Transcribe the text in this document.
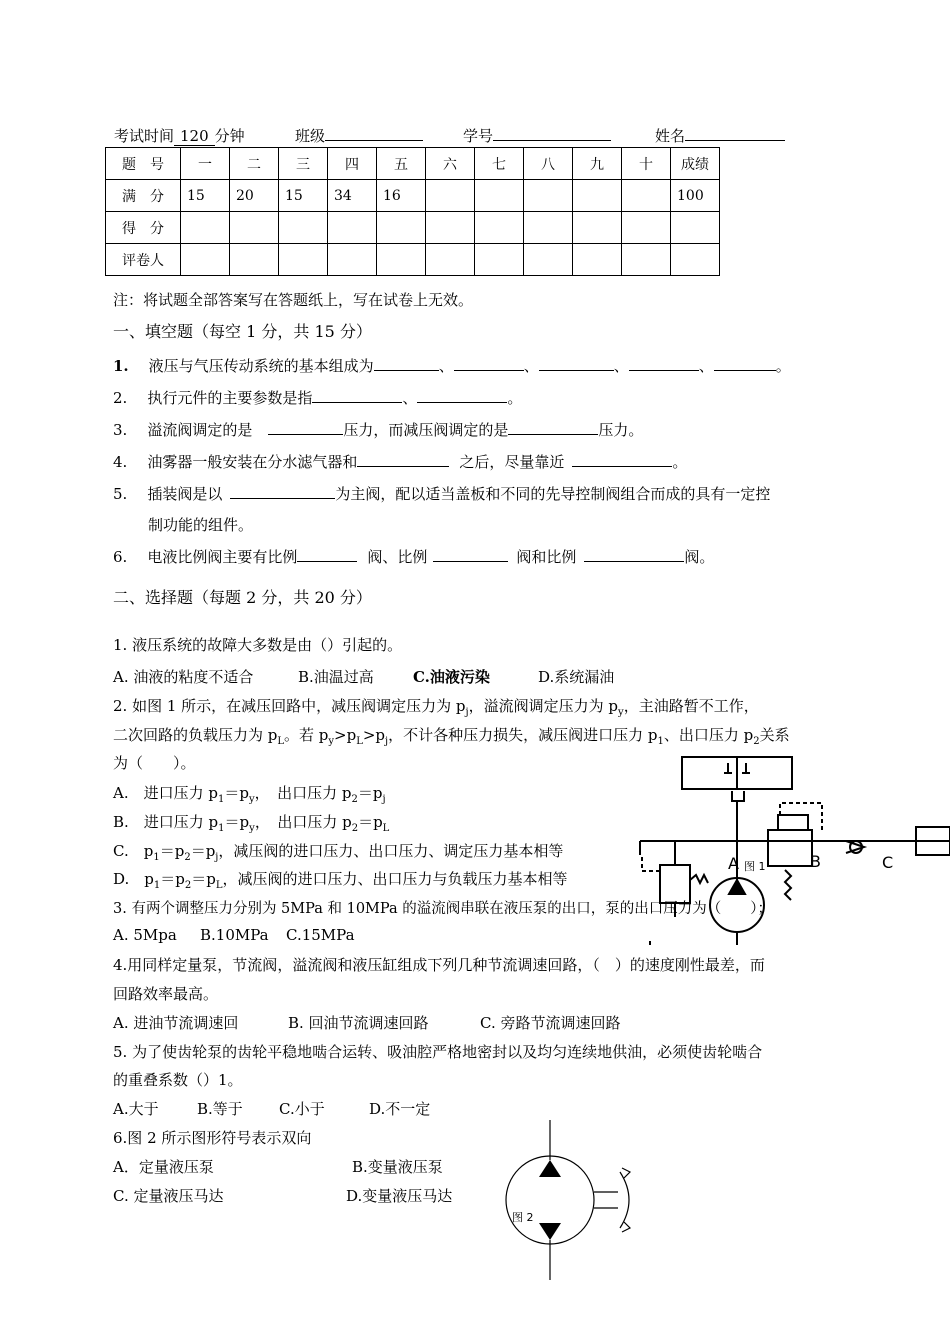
考试时间 120 分钟	班级	学号	姓名
题　号	一	二	三	四	五	六	七	八	九	十	成绩
满　分	15	20	15	34	16						100
得　分											
评卷人											
注：将试题全部答案写在答题纸上，写在试卷上无效。
一、填空题（每空 1 分，共 15 分）
1. 液压与气压传动系统的基本组成为	、	、	、	、	。
2. 执行元件的主要参数是指	、	。
3. 溢流阀调定的是	压力，而减压阀调定的是	压力。
4. 油雾器一般安装在分水滤气器和	之后，尽量靠近	。
5. 插装阀是以	为主阀，配以适当盖板和不同的先导控制阀组合而成的具有一定控
制功能的组件。
6. 电液比例阀主要有比例	阀、比例	阀和比例	阀。
二、选择题（每题 2 分，共 20 分）
1. 液压系统的故障大多数是由（）引起的。
A. 油液的粘度不适合	B.油温过高	C.油液污染	D.系统漏油
2. 如图 1 所示，在减压回路中，减压阀调定压力为 $p_j$，溢流阀调定压力为 $p_y$，主油路暂不工作，
二次回路的负载压力为 $p_L$。若 $p_y>p_L>p_j$，不计各种压力损失，减压阀进口压力 $p_1$、出口压力 $p_2$关系
为（　　）。
A.　进口压力 $p_1=p_y$，　出口压力 $p_2=p_j$
B.　进口压力 $p_1=p_y$，　出口压力 $p_2=p_L$
C.　$p_1=p_2=p_j$，减压阀的进口压力、出口压力、调定压力基本相等
D.　$p_1=p_2=p_L$，减压阀的进口压力、出口压力与负载压力基本相等
3. 有两个调整压力分别为 5MPa 和 10MPa 的溢流阀串联在液压泵的出口，泵的出口压力为（　　）；
A. 5Mpa B.10MPa C.15MPa
4.用同样定量泵，节流阀，溢流阀和液压缸组成下列几种节流调速回路，（　）的速度刚性最差，而
回路效率最高。
A. 进油节流调速回	B. 回油节流调速回路	C. 旁路节流调速回路
5. 为了使齿轮泵的齿轮平稳地啮合运转、吸油腔严格地密封以及均匀连续地供油，必须使齿轮啮合
的重叠系数（）1。
A.大于	B.等于 C.小于	D.不一定
6.图 2 所示图形符号表示双向
A．定量液压泵	B.变量液压泵
C. 定量液压马达	D.变量液压马达
A 图 1	B	C
图 2
